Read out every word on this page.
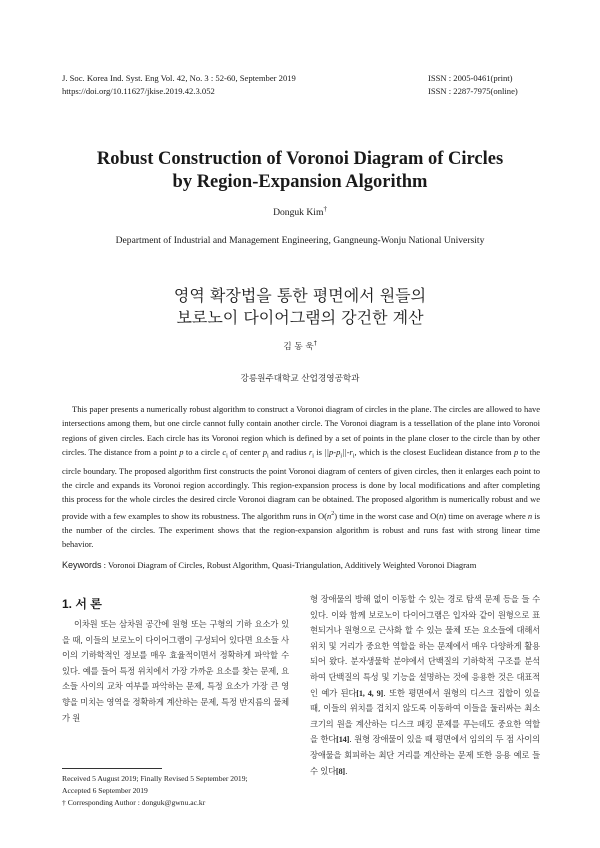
J. Soc. Korea Ind. Syst. Eng Vol. 42, No. 3 : 52-60, September 2019
https://doi.org/10.11627/jkise.2019.42.3.052
ISSN : 2005-0461(print)
ISSN : 2287-7975(online)
Robust Construction of Voronoi Diagram of Circles
by Region-Expansion Algorithm
Donguk Kim†
Department of Industrial and Management Engineering, Gangneung-Wonju National University
영역 확장법을 통한 평면에서 원들의
보로노이 다이어그램의 강건한 계산
김 동 욱†
강릉원주대학교 산업경영공학과
This paper presents a numerically robust algorithm to construct a Voronoi diagram of circles in the plane. The circles are allowed to have intersections among them, but one circle cannot fully contain another circle. The Voronoi diagram is a tessellation of the plane into Voronoi regions of given circles. Each circle has its Voronoi region which is defined by a set of points in the plane closer to the circle than by other circles. The distance from a point p to a circle $c_i$ of center $p_i$ and radius $r_i$ is $||p-p_i||-r_i$, which is the closest Euclidean distance from p to the circle boundary. The proposed algorithm first constructs the point Voronoi diagram of centers of given circles, then it enlarges each point to the circle and expands its Voronoi region accordingly. This region-expansion process is done by local modifications and after completing this process for the whole circles the desired circle Voronoi diagram can be obtained. The proposed algorithm is numerically robust and we provide with a few examples to show its robustness. The algorithm runs in $O(n^2)$ time in the worst case and O(n) time on average where n is the number of the circles. The experiment shows that the region-expansion algorithm is robust and runs fast with strong linear time behavior.
Keywords : Voronoi Diagram of Circles, Robust Algorithm, Quasi-Triangulation, Additively Weighted Voronoi Diagram
1. 서 론
이차원 또는 삼차원 공간에 원형 또는 구형의 기하 요소가 있을 때, 이들의 보로노이 다이어그램이 구성되어 있다면 요소들 사이의 기하학적인 정보를 매우 효율적이면서 정확하게 파악할 수 있다. 예를 들어 특정 위치에서 가장 가까운 요소를 찾는 문제, 요소들 사이의 교차 여부를 파악하는 문제, 특정 요소가 가장 큰 영향을 미치는 영역을 정확하게 계산하는 문제, 특정 반지름의 물체가 원
형 장애물의 방해 없이 이동할 수 있는 경로 탐색 문제 등을 들 수 있다. 이와 함께 보로노이 다이어그램은 입자와 같이 원형으로 표현되거나 원형으로 근사화 할 수 있는 물체 또는 요소들에 대해서 위치 및 거리가 중요한 역할을 하는 문제에서 매우 다양하게 활용되어 왔다. 분자생물학 분야에서 단백질의 기하학적 구조를 분석하여 단백질의 특성 및 기능을 설명하는 것에 응용한 것은 대표적인 예가 된다[1, 4, 9]. 또한 평면에서 원형의 디스크 집합이 있을 때, 이들의 위치를 겹치지 않도록 이동하여 이들을 둘러싸는 최소 크기의 원을 계산하는 디스크 패킹 문제를 푸는데도 중요한 역할을 한다[14]. 원형 장애물이 있을 때 평면에서 임의의 두 점 사이의 장애물을 회피하는 최단 거리를 계산하는 문제 또한 응용 예로 들 수 있다[8].
Received 5 August 2019; Finally Revised 5 September 2019;
Accepted 6 September 2019
† Corresponding Author : donguk@gwnu.ac.kr
